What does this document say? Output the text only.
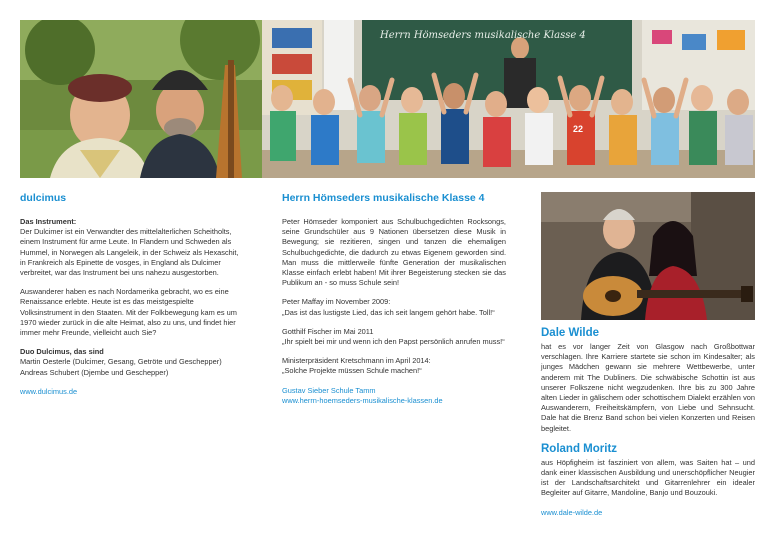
Herrn Hömseders musikalische Klasse 4
22
dulcimus

Das Instrument:
Der Dulcimer ist ein Verwandter des mittelalterlichen Scheitholts, einem Instrument für arme Leute. In Flandern und Schweden als Hummel, in Norwegen als Langeleik, in der Schweiz als Hexaschit, in Frankreich als Epinette de vosges, in England als Dulcimer verbreitet, war das Instrument bei uns nahezu ausgestorben.

Auswanderer haben es nach Nordamerika gebracht, wo es eine Renaissance erlebte. Heute ist es das meistgespielte Volksinstrument in den Staaten. Mit der Folkbewegung kam es um 1970 wieder zurück in die alte Heimat, also zu uns, und findet hier immer mehr Freunde, vielleicht auch Sie?

Duo Dulcimus, das sind
Martin Oesterle (Dulcimer, Gesang, Getröte und Geschepper)
Andreas Schubert (Djembe und Geschepper)

www.dulcimus.de
Herrn Hömseders musikalische Klasse 4

Peter Hömseder komponiert aus Schulbuchgedichten Rocksongs, seine Grundschüler aus 9 Nationen übersetzen diese Musik in Bewegung; sie rezitieren, singen und tanzen die ehemaligen Schulbuchgedichte, die dadurch zu etwas Eigenem geworden sind. Man muss die mittlerweile fünfte Generation der musikalischen Klasse einfach erlebt haben! Mit ihrer Begeisterung stecken sie das Publikum an - so muss Schule sein!

Peter Maffay im November 2009:
„Das ist das lustigste Lied, das ich seit langem gehört habe. Toll!“

Gotthilf Fischer im Mai 2011
„Ihr spielt bei mir und wenn ich den Papst persönlich anrufen muss!“

Ministerpräsident Kretschmann im April 2014:
„Solche Projekte müssen Schule machen!“

Gustav Sieber Schule Tamm
www.herrn-hoemseders-musikalische-klassen.de

Dale Wilde

hat es vor langer Zeit von Glasgow nach Großbottwar verschlagen. Ihre Karriere startete sie schon im Kindesalter; als junges Mädchen gewann sie mehrere Wettbewerbe, unter anderem mit The Dubliners. Die schwäbische Schottin ist aus unserer Folkszene nicht wegzudenken. Ihre bis zu 300 Jahre alten Lieder in gälischem oder schottischem Dialekt erzählen von Auswanderern, Freiheitskämpfern, von Liebe und Sehnsucht. Dale hat die Brenz Band schon bei vielen Konzerten und Reisen begleitet.

Roland Moritz

aus Höpfigheim ist fasziniert von allem, was Saiten hat – und dank einer klassischen Ausbildung und unerschöpflicher Neugier ist der Landschaftsarchitekt und Gitarrenlehrer ein idealer Begleiter auf Gitarre, Mandoline, Banjo und Bouzouki.

www.dale-wilde.de
